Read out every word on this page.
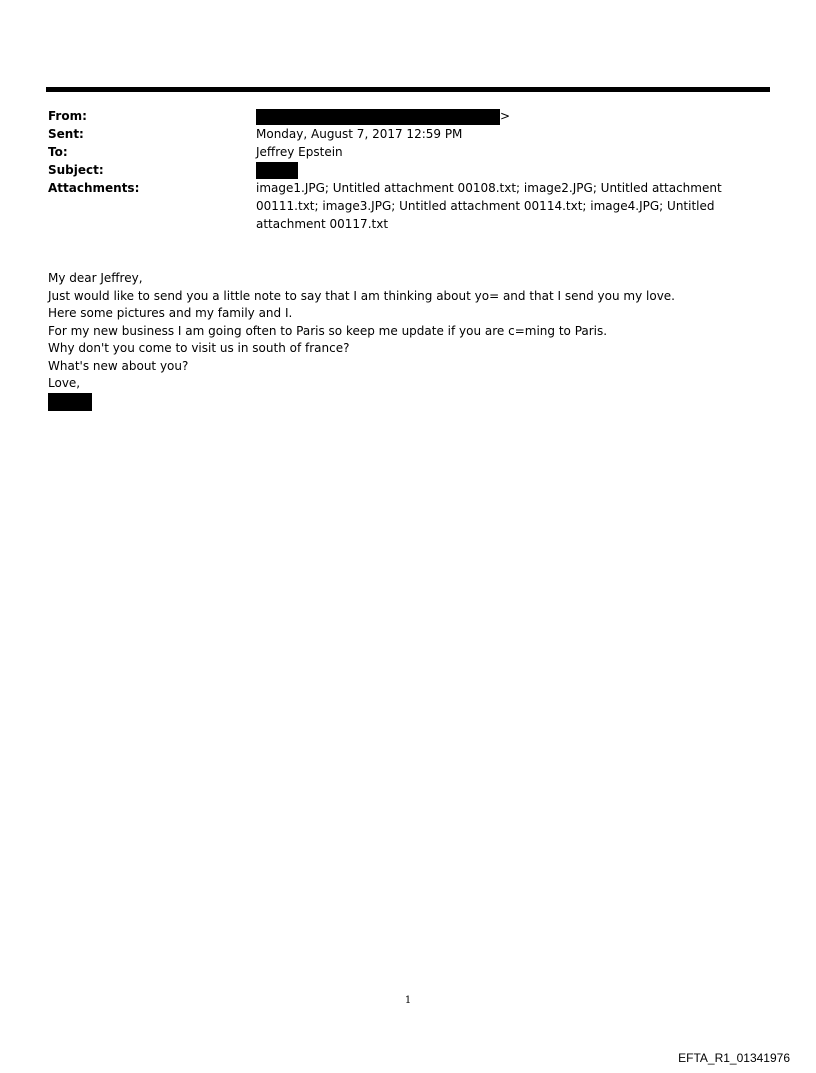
From:	>
Sent:	Monday, August 7, 2017 12:59 PM
To:	Jeffrey Epstein
Subject:
Attachments:	image1.JPG; Untitled attachment 00108.txt; image2.JPG; Untitled attachment 00111.txt; image3.JPG; Untitled attachment 00114.txt; image4.JPG; Untitled attachment 00117.txt
My dear Jeffrey,
Just would like to send you a little note to say that I am thinking about yo= and that I send you my love.
Here some pictures and my family and I.
For my new business I am going often to Paris so keep me update if you are c=ming to Paris.
Why don't you come to visit us in south of france?
What's new about you?
Love,
1
EFTA_R1_01341976
